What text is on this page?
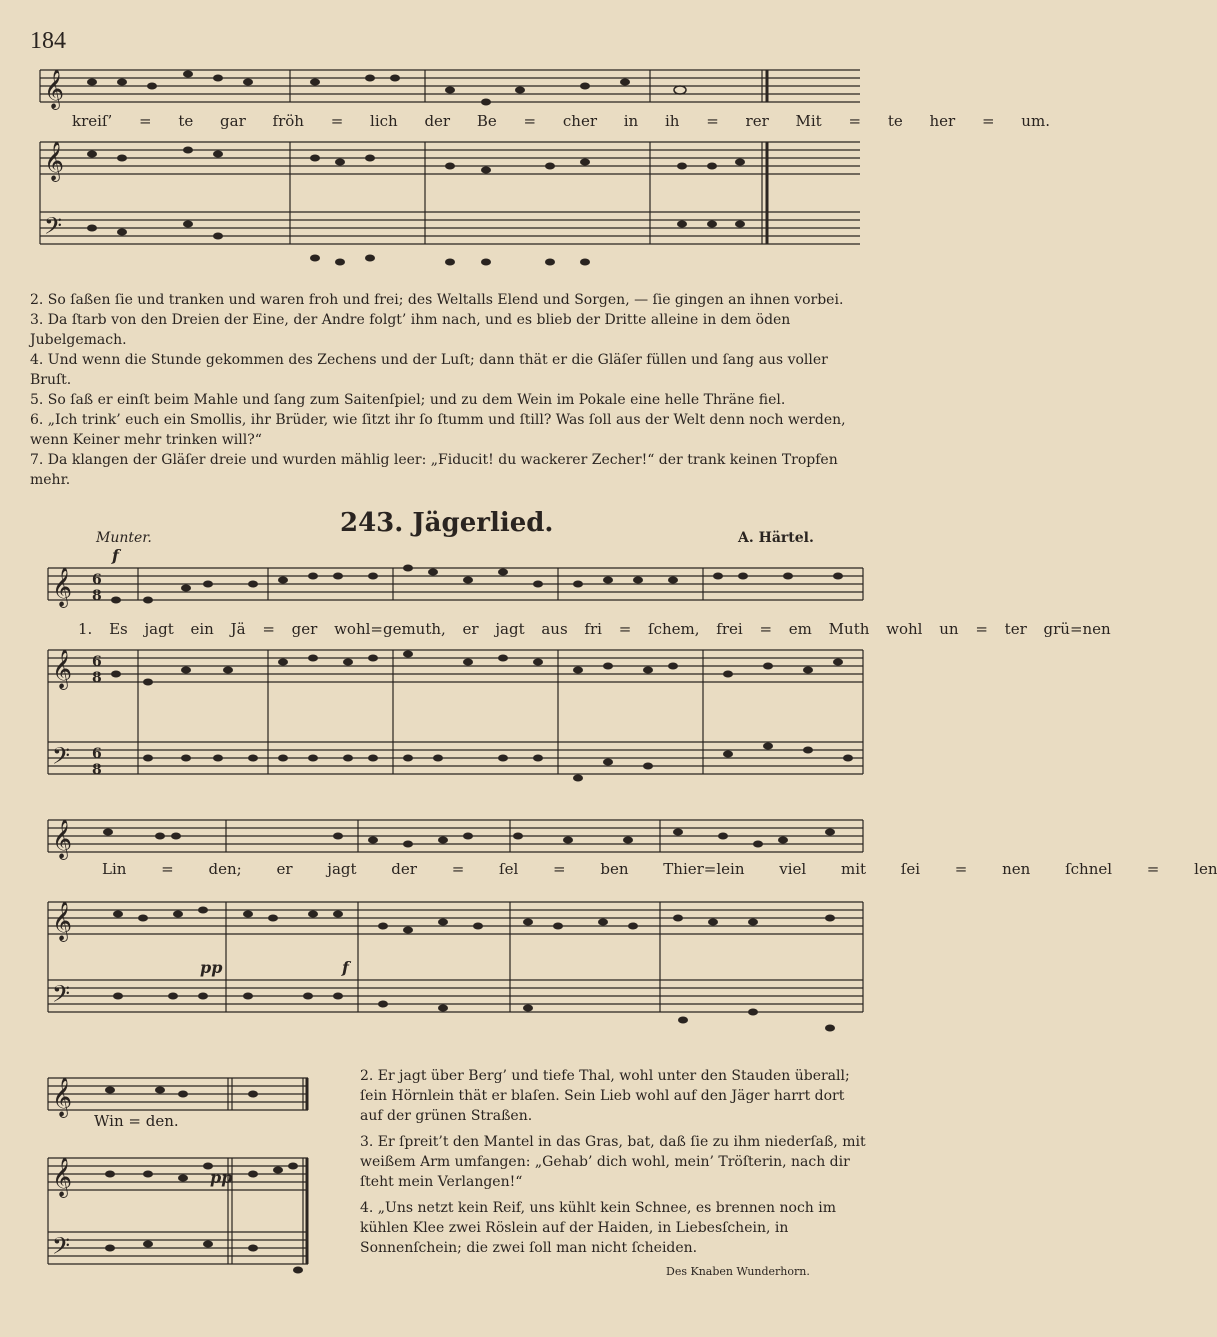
184
𝄞
𝄞
𝄢
kreiſ’ = te gar fröh = lich der Be = cher in ih = rer Mit = te her = um.

2. So ſaßen ſie und tranken und waren froh und frei; des Weltalls Elend und Sorgen, — ſie gingen an ihnen vorbei.

3. Da ſtarb von den Dreien der Eine, der Andre folgt’ ihm nach, und es blieb der Dritte alleine in dem öden Jubelgemach.

4. Und wenn die Stunde gekommen des Zechens und der Luſt; dann thät er die Gläſer füllen und ſang aus voller Bruſt.

5. So ſaß er einſt beim Mahle und ſang zum Saitenſpiel; und zu dem Wein im Pokale eine helle Thräne fiel.

6. „Ich trink’ euch ein Smollis, ihr Brüder, wie ſitzt ihr ſo ſtumm und ſtill? Was ſoll aus der Welt denn noch werden, wenn Keiner mehr trinken will?“

7. Da klangen der Gläſer dreie und wurden mählig leer: „Fiducit! du wackerer Zecher!“ der trank keinen Tropfen mehr.

243. Jägerlied.
Munter.	A. Härtel.
f
𝄞
𝄞
𝄢
6
8
6
8
6
8
1. Es jagt ein Jä = ger wohl=gemuth, er jagt aus fri = ſchem, frei = em Muth wohl un = ter grü=nen
𝄞
𝄞
𝄢
pp	f
Lin = den; er jagt der = ſel = ben Thier=lein viel mit ſei = nen ſchnel = len
𝄞
𝄞
𝄢
pp
Win = den.

2. Er jagt über Berg’ und tiefe Thal, wohl unter den Stauden überall; ſein Hörnlein thät er blaſen. Sein Lieb wohl auf den Jäger harrt dort auf der grünen Straßen.

3. Er ſpreit’t den Mantel in das Gras, bat, daß ſie zu ihm niederſaß, mit weißem Arm umfangen: „Gehab’ dich wohl, mein’ Tröſterin, nach dir ſteht mein Verlangen!“

4. „Uns netzt kein Reif, uns kühlt kein Schnee, es brennen noch im kühlen Klee zwei Röslein auf der Haiden, in Liebesſchein, in Sonnenſchein; die zwei ſoll man nicht ſcheiden.

Des Knaben Wunderhorn.
